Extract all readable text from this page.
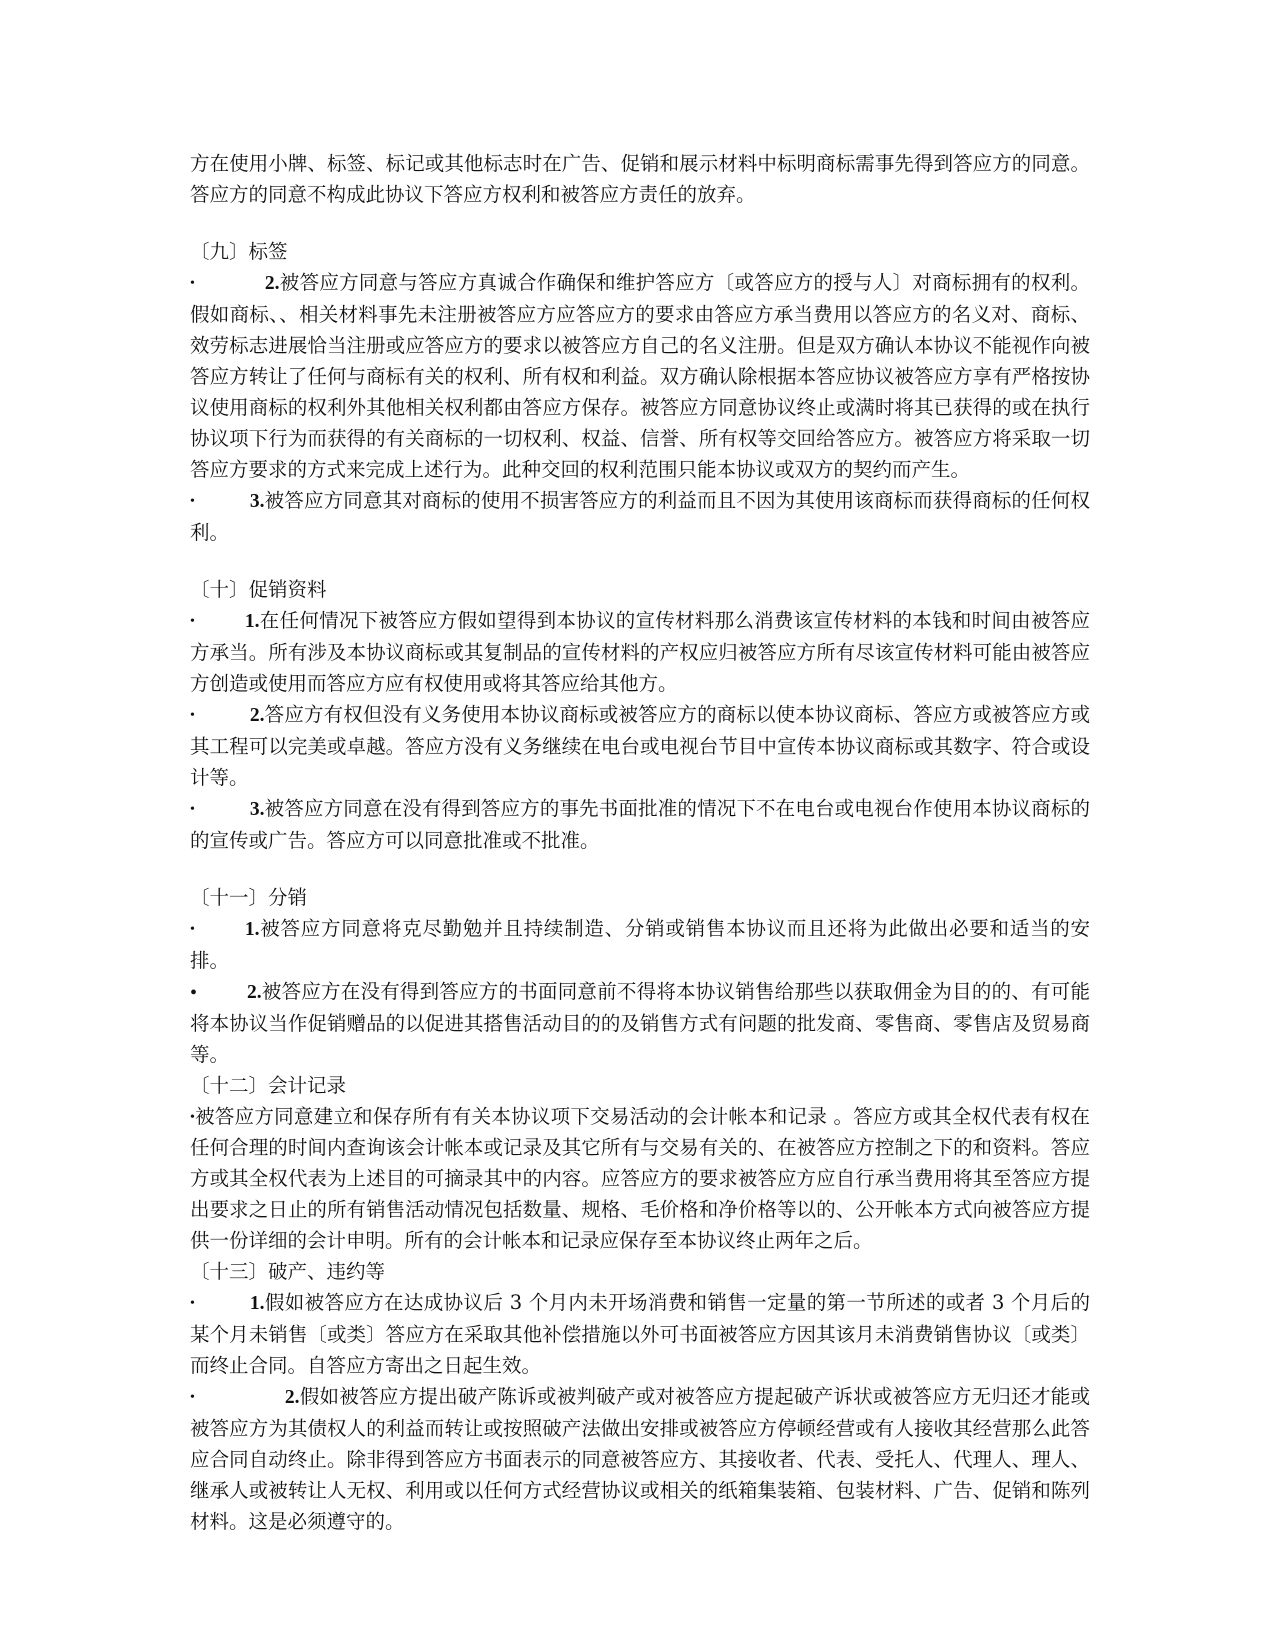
方在使用小牌、标签、标记或其他标志时在广告、促销和展示材料中标明商标需事先得到答应方的同意。答应方的同意不构成此协议下答应方权利和被答应方责任的放弃。

〔九〕标签

•	2.被答应方同意与答应方真诚合作确保和维护答应方〔或答应方的授与人〕对商标拥有的权利。假如商标、、相关材料事先未注册被答应方应答应方的要求由答应方承当费用以答应方的名义对、商标、效劳标志进展恰当注册或应答应方的要求以被答应方自己的名义注册。但是双方确认本协议不能视作向被答应方转让了任何与商标有关的权利、所有权和利益。双方确认除根据本答应协议被答应方享有严格按协议使用商标的权利外其他相关权利都由答应方保存。被答应方同意协议终止或满时将其已获得的或在执行协议项下行为而获得的有关商标的一切权利、权益、信誉、所有权等交回给答应方。被答应方将采取一切答应方要求的方式来完成上述行为。此种交回的权利范围只能本协议或双方的契约而产生。

•	3.被答应方同意其对商标的使用不损害答应方的利益而且不因为其使用该商标而获得商标的任何权利。

〔十〕促销资料

•	1.在任何情况下被答应方假如望得到本协议的宣传材料那么消费该宣传材料的本钱和时间由被答应方承当。所有涉及本协议商标或其复制品的宣传材料的产权应归被答应方所有尽该宣传材料可能由被答应方创造或使用而答应方应有权使用或将其答应给其他方。

•	2.答应方有权但没有义务使用本协议商标或被答应方的商标以使本协议商标、答应方或被答应方或其工程可以完美或卓越。答应方没有义务继续在电台或电视台节目中宣传本协议商标或其数字、符合或设计等。

•	3.被答应方同意在没有得到答应方的事先书面批准的情况下不在电台或电视台作使用本协议商标的的宣传或广告。答应方可以同意批准或不批准。

〔十一〕分销

•	1.被答应方同意将克尽勤勉并且持续制造、分销或销售本协议而且还将为此做出必要和适当的安排。

•	2.被答应方在没有得到答应方的书面同意前不得将本协议销售给那些以获取佣金为目的的、有可能将本协议当作促销赠品的以促进其搭售活动目的的及销售方式有问题的批发商、零售商、零售店及贸易商等。

〔十二〕会计记录

•被答应方同意建立和保存所有有关本协议项下交易活动的会计帐本和记录 。答应方或其全权代表有权在任何合理的时间内查询该会计帐本或记录及其它所有与交易有关的、在被答应方控制之下的和资料。答应方或其全权代表为上述目的可摘录其中的内容。应答应方的要求被答应方应自行承当费用将其至答应方提出要求之日止的所有销售活动情况包括数量、规格、毛价格和净价格等以的、公开帐本方式向被答应方提供一份详细的会计申明。所有的会计帐本和记录应保存至本协议终止两年之后。

〔十三〕破产、违约等

•	1.假如被答应方在达成协议后 3 个月内未开场消费和销售一定量的第一节所述的或者 3 个月后的某个月未销售〔或类〕答应方在采取其他补偿措施以外可书面被答应方因其该月未消费销售协议〔或类〕而终止合同。自答应方寄出之日起生效。

•	2.假如被答应方提出破产陈诉或被判破产或对被答应方提起破产诉状或被答应方无归还才能或被答应方为其债权人的利益而转让或按照破产法做出安排或被答应方停顿经营或有人接收其经营那么此答应合同自动终止。除非得到答应方书面表示的同意被答应方、其接收者、代表、受托人、代理人、理人、继承人或被转让人无权、利用或以任何方式经营协议或相关的纸箱集装箱、包装材料、广告、促销和陈列材料。这是必须遵守的。
